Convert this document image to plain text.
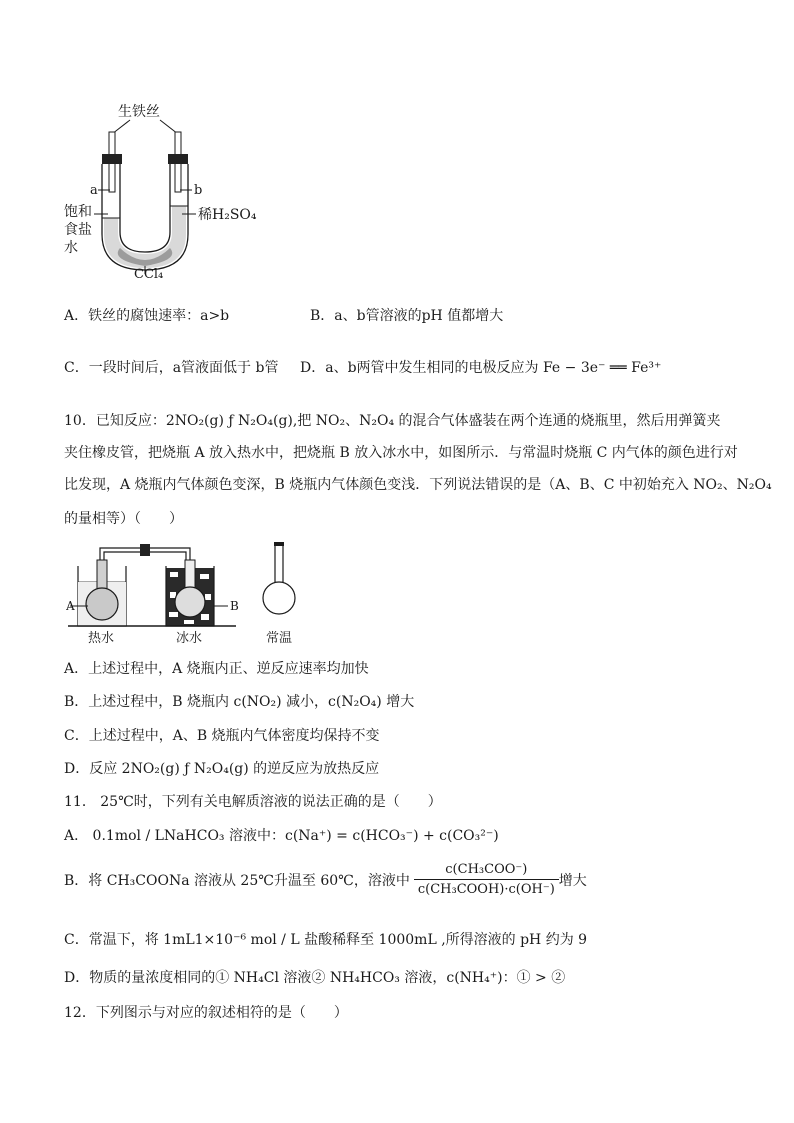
生铁丝
a	b
饱和
食盐
水
稀H₂SO₄
CCl₄
A．铁丝的腐蚀速率：a>b	B．a、b管溶液的pH 值都增大
C．一段时间后，a管液面低于 b管 D．a、b两管中发生相同的电极反应为 Fe − 3e⁻ ══ Fe³⁺
10．已知反应：2NO₂(g) ƒ N₂O₄(g),把 NO₂、N₂O₄ 的混合气体盛装在两个连通的烧瓶里，然后用弹簧夹
夹住橡皮管，把烧瓶 A 放入热水中，把烧瓶 B 放入冰水中，如图所示．与常温时烧瓶 C 内气体的颜色进行对
比发现，A 烧瓶内气体颜色变深，B 烧瓶内气体颜色变浅．下列说法错误的是（A、B、C 中初始充入 NO₂、N₂O₄
的量相等）（　　）
A	B
热水	冰水	常温
A．上述过程中，A 烧瓶内正、逆反应速率均加快
B．上述过程中，B 烧瓶内 c(NO₂) 减小，c(N₂O₄) 增大
C．上述过程中，A、B 烧瓶内气体密度均保持不变
D．反应 2NO₂(g) ƒ N₂O₄(g) 的逆反应为放热反应
11． 25℃时，下列有关电解质溶液的说法正确的是（　　）
A． 0.1mol / LNaHCO₃ 溶液中：c(Na⁺) = c(HCO₃⁻) + c(CO₃²⁻)
B．将 CH₃COONa 溶液从 25℃升温至 60℃，溶液中 $\frac{\text{c(CH₃COO⁻)}}{\text{c(CH₃COOH)·c(OH⁻)}}$ 增大
C．常温下，将 1mL1×10⁻⁶ mol / L 盐酸稀释至 1000mL ,所得溶液的 pH 约为 9
D．物质的量浓度相同的① NH₄Cl 溶液② NH₄HCO₃ 溶液，c(NH₄⁺)：① > ②
12．下列图示与对应的叙述相符的是（　　）
